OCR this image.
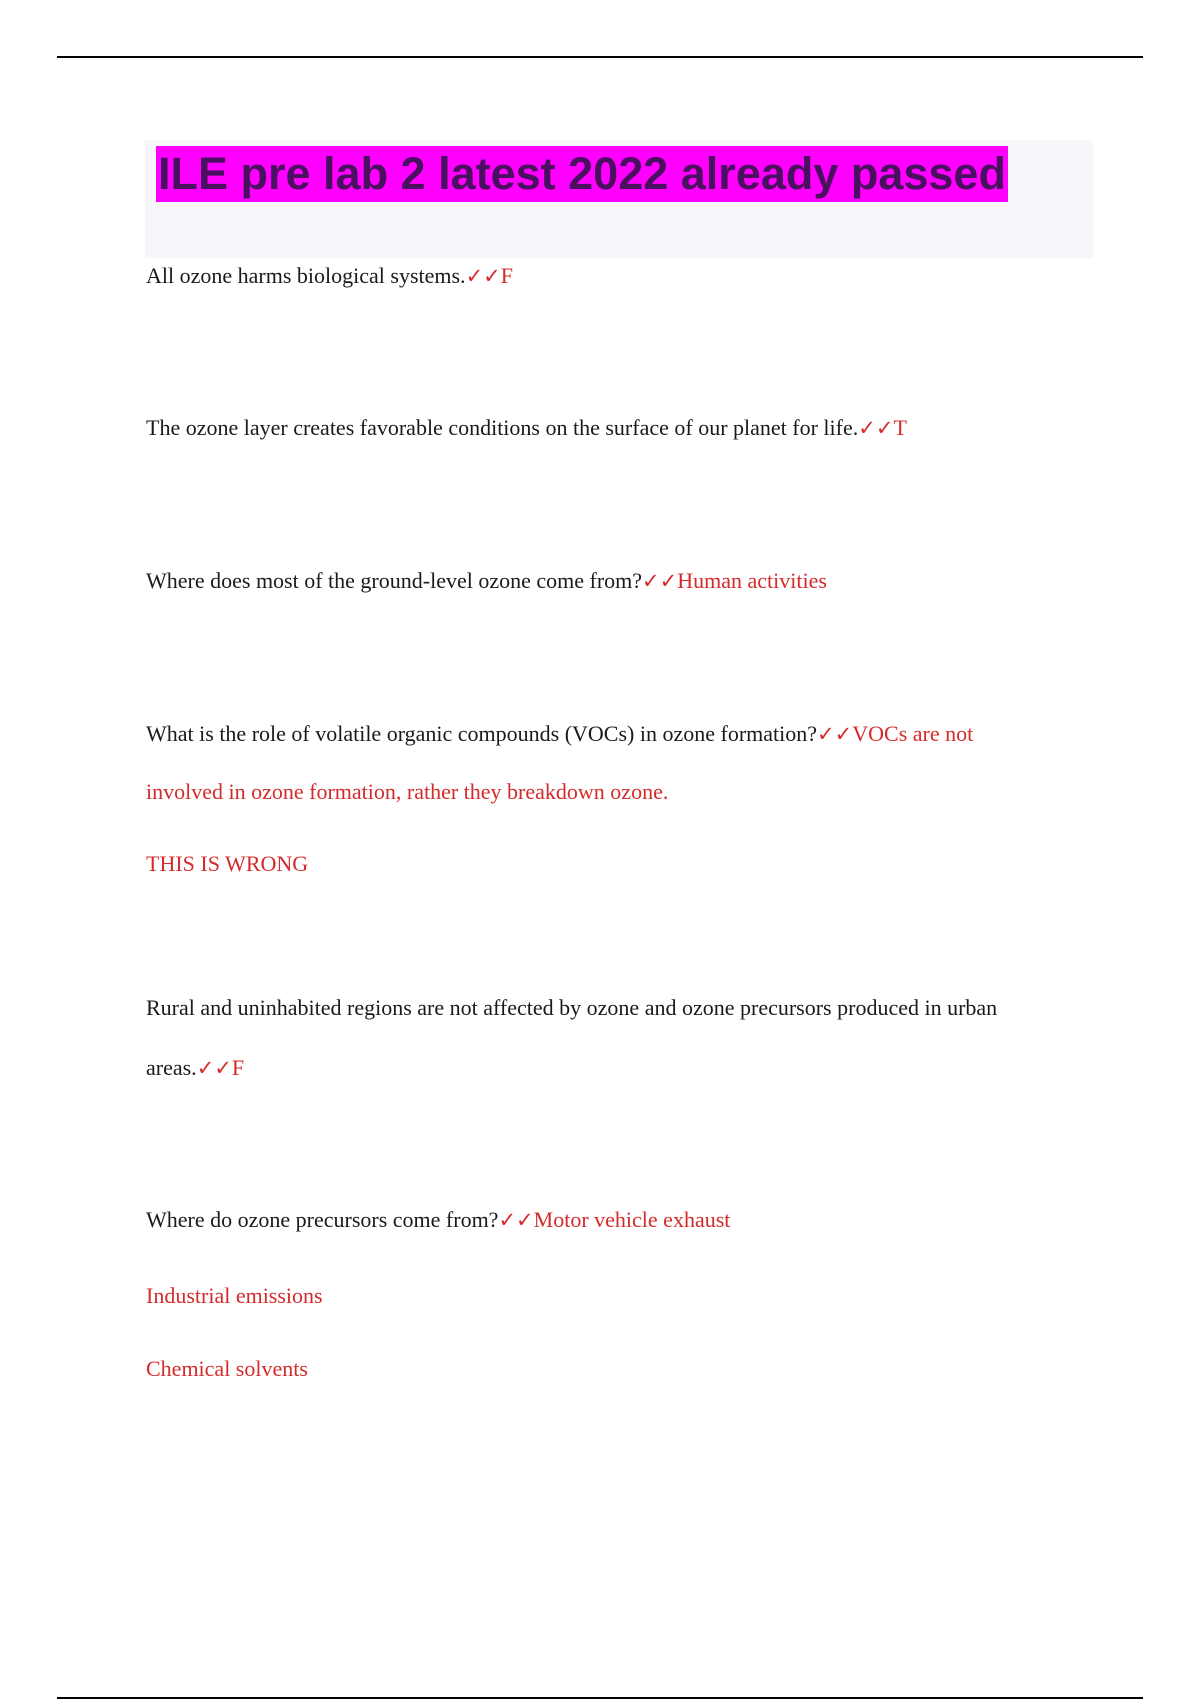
ILE pre lab 2 latest 2022 already passed
All ozone harms biological systems.✓✓F
The ozone layer creates favorable conditions on the surface of our planet for life.✓✓T
Where does most of the ground-level ozone come from?✓✓Human activities
What is the role of volatile organic compounds (VOCs) in ozone formation?✓✓VOCs are not
involved in ozone formation, rather they breakdown ozone.
THIS IS WRONG
Rural and uninhabited regions are not affected by ozone and ozone precursors produced in urban
areas.✓✓F
Where do ozone precursors come from?✓✓Motor vehicle exhaust
Industrial emissions
Chemical solvents
